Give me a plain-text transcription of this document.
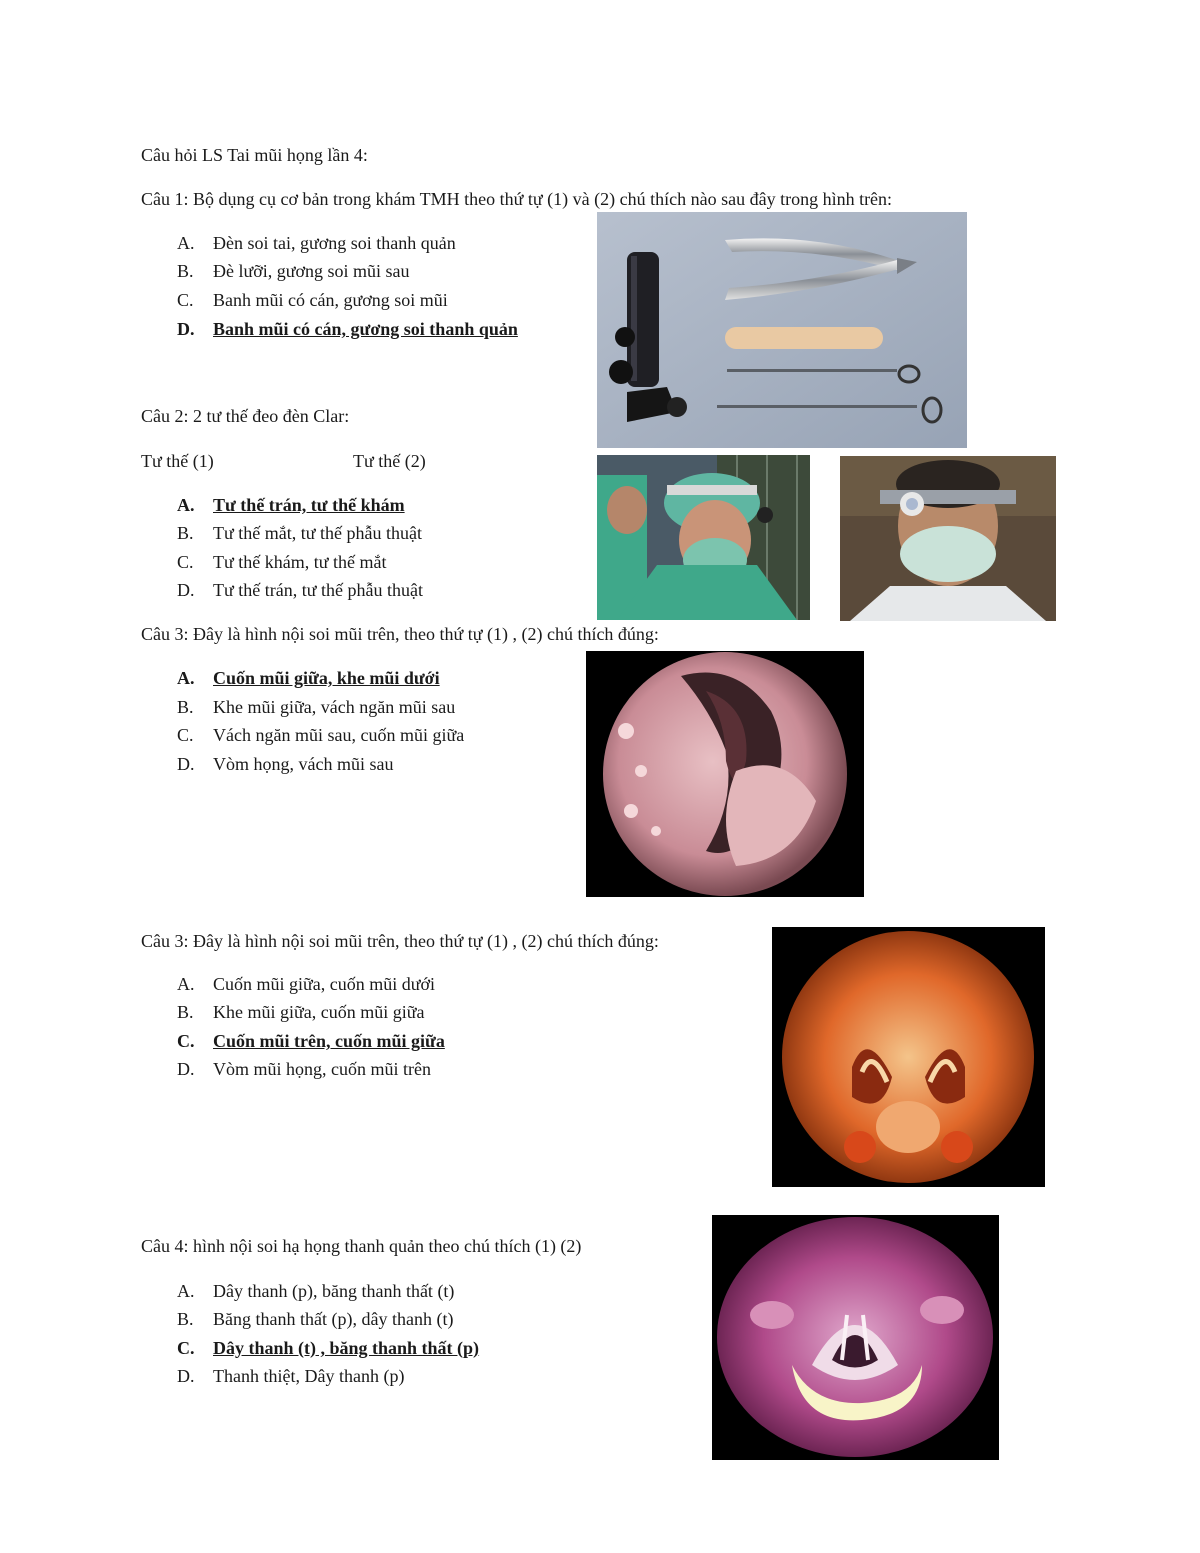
Câu hỏi LS Tai mũi họng lần 4:
Câu 1: Bộ dụng cụ cơ bản trong khám TMH theo thứ tự (1) và (2) chú thích nào sau đây trong hình trên:
A. Đèn soi tai, gương soi thanh quản
B. Đè lưỡi, gương soi mũi sau
C. Banh mũi có cán, gương soi mũi
D. Banh mũi có cán, gương soi thanh quản
Câu 2: 2 tư thế đeo đèn Clar:
Tư thế (1)	Tư thế (2)
A. Tư thế trán, tư thế khám
B. Tư thế mắt, tư thế phẫu thuật
C. Tư thế khám, tư thế mắt
D. Tư thế trán, tư thế phẫu thuật
Câu 3: Đây là hình nội soi mũi trên, theo thứ tự (1) , (2) chú thích đúng:
A. Cuốn mũi giữa, khe mũi dưới
B. Khe mũi giữa, vách ngăn mũi sau
C. Vách ngăn mũi sau, cuốn mũi giữa
D. Vòm họng, vách mũi sau
Câu 3: Đây là hình nội soi mũi trên, theo thứ tự (1) , (2) chú thích đúng:
A. Cuốn mũi giữa, cuốn mũi dưới
B. Khe mũi giữa, cuốn mũi giữa
C. Cuốn mũi trên, cuốn mũi giữa
D. Vòm mũi họng, cuốn mũi trên
Câu 4: hình nội soi hạ họng thanh quản theo chú thích (1) (2)
A. Dây thanh (p), băng thanh thất (t)
B. Băng thanh thất (p), dây thanh (t)
C. Dây thanh (t) , băng thanh thất (p)
D. Thanh thiệt, Dây thanh (p)
